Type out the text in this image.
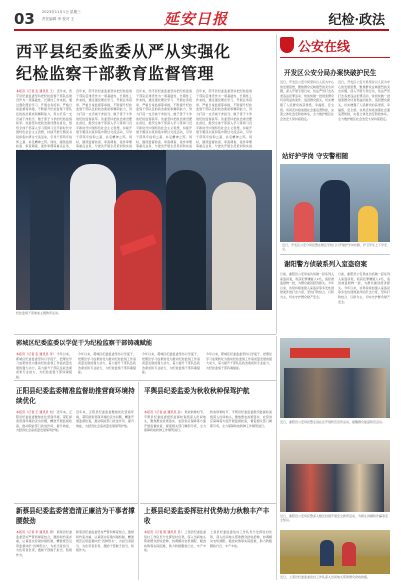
03 2023年11月1日 星期三
责任编辑 李 校对 王	延安日报	纪检·政法
西平县纪委监委从严从实强化
纪检监察干部教育监督管理
本报讯（记者 张 通讯员 王） 近年来，西平县纪委监委坚持把纪检监察干部队伍建设作为一项基础性、长期性工作来抓，通过强化理论学习、开展业务培训、严格日常监督等举措，不断提升纪检监察干部队伍的政治素质和履职能力，努力打造一支忠诚干净担当、敢于善于斗争的纪检监察铁军。该委坚持把政治建设摆在首位，组织全体干部深入学习贯彻习近平新时代中国特色社会主义思想，持续开展专题读书班和集中研讨交流活动，引导干部筑牢信仰之基、补足精神之钙。同时，围绕监督检查、审查调查、案件审理等重点业务，
近年来，西平县纪委监委坚持把纪检监察干部队伍建设作为一项基础性、长期性工作来抓，通过强化理论学习、开展业务培训、严格日常监督等举措，不断提升纪检监察干部队伍的政治素质和履职能力，努力打造一支忠诚干净担当、敢于善于斗争的纪检监察铁军。该委坚持把政治建设摆在首位，组织全体干部深入学习贯彻习近平新时代中国特色社会主义思想，持续开展专题读书班和集中研讨交流活动，引导干部筑牢信仰之基、补足精神之钙。同时，围绕监督检查、审查调查、案件审理等重点业务，分批次开展全员培训和实战
近年来，西平县纪委监委坚持把纪检监察干部队伍建设作为一项基础性、长期性工作来抓，通过强化理论学习、开展业务培训、严格日常监督等举措，不断提升纪检监察干部队伍的政治素质和履职能力，努力打造一支忠诚干净担当、敢于善于斗争的纪检监察铁军。该委坚持把政治建设摆在首位，组织全体干部深入学习贯彻习近平新时代中国特色社会主义思想，持续开展专题读书班和集中研讨交流活动，引导干部筑牢信仰之基、补足精神之钙。同时，围绕监督检查、审查调查、案件审理等重点业务，分批次开展全员培训和实战
近年来，西平县纪委监委坚持把纪检监察干部队伍建设作为一项基础性、长期性工作来抓，通过强化理论学习、开展业务培训、严格日常监督等举措，不断提升纪检监察干部队伍的政治素质和履职能力，努力打造一支忠诚干净担当、敢于善于斗争的纪检监察铁军。该委坚持把政治建设摆在首位，组织全体干部深入学习贯彻习近平新时代中国特色社会主义思想，持续开展专题读书班和集中研讨交流活动，引导干部筑牢信仰之基、补足精神之钙。同时，围绕监督检查、审查调查、案件审理等重点业务，分批次开展全员培训和实战
纪检监察干部参加主题教育活动。
公安在线
开发区公安分局办案快破护民生
近日，开发区公安分局坚持以人民为中心的发展思想，聚焦群众反映强烈的突出问题，深入开展专项行动，依法严厉打击各类违法犯罪活动，快侦快破一批侵害群众切身利益的案件，追回群众损失，切实增强了人民群众的获得感、幸福感、安全感。该局还持续加强社会面巡逻防控，完善立体化治安防控体系，全力维护辖区社会治安大局持续稳定。
近日，开发区公安分局坚持以人民为中心的发展思想，聚焦群众反映强烈的突出问题，深入开展专项行动，依法严厉打击各类违法犯罪活动，快侦快破一批侵害群众切身利益的案件，追回群众损失，切实增强了人民群众的获得感、幸福感、安全感。该局还持续加强社会面巡逻防控，完善立体化治安防控体系，全力维护辖区社会治安大局持续稳定。
站好护学岗 守安警相随
近日，开发区公安分局民警在辖区学校门口开展护学岗执勤，护卫学生上下学安全。
谢阳警方侦破系列入室盗窃案
日前，谢阳县公安局成功侦破一起系列入室盗窃案，抓获犯罪嫌疑人2名，追回被盗财物一批，为群众挽回经济损失。今年以来，该局持续加强入室盗窃等多发性侵财案件的打击力度，坚持打防结合、以防为主，切实守护群众财产安全。
日前，谢阳县公安局成功侦破一起系列入室盗窃案，抓获犯罪嫌疑人2名，追回被盗财物一批，为群众挽回经济损失。今年以来，该局持续加强入室盗窃等多发性侵财案件的打击力度，坚持打防结合、以防为主，切实守护群众财产安全。
郭城区纪委监委以学促干为纪检监察干部铸魂赋能
本报讯（记者 张 通讯员 李） 今年以来，郭城区纪委监委坚持以学促干，把理论学习成果转化为推动纪检监察工作高质量发展的强大动力，着力提升干部队伍政治素质和专业能力，为纪检监察干部铸魂赋能。
今年以来，郭城区纪委监委坚持以学促干，把理论学习成果转化为推动纪检监察工作高质量发展的强大动力，着力提升干部队伍政治素质和专业能力，为纪检监察干部铸魂赋能。
今年以来，郭城区纪委监委坚持以学促干，把理论学习成果转化为推动纪检监察工作高质量发展的强大动力，着力提升干部队伍政治素质和专业能力，为纪检监察干部铸魂赋能。
今年以来，郭城区纪委监委坚持以学促干，把理论学习成果转化为推动纪检监察工作高质量发展的强大动力，着力提升干部队伍政治素质和专业能力，为纪检监察干部铸魂赋能。
正阳县纪委监委精准监督助推营商环境持续优化
本报讯（记者 王 通讯员 刘） 近年来，正阳县纪委监委聚焦优化营商环境，紧盯损害营商环境的突出问题，精准开展监督检查，推动职能部门改进作风、提升效能，为经济社会高质量发展保驾护航。
近年来，正阳县纪委监委聚焦优化营商环境，紧盯损害营商环境的突出问题，精准开展监督检查，推动职能部门改进作风、提升效能，为经济社会高质量发展保驾护航。
平舆县纪委监委为秋收秋种保驾护航
本报讯（记者 赵 通讯员 孙） 秋收秋种时节，平舆县纪委监委组织监督检查组深入田间地头，聚焦惠农政策落实、农资供应保障等方面开展监督检查，督促相关部门履职尽责，全力保障秋收秋种工作顺利进行。
秋收秋种时节，平舆县纪委监委组织监督检查组深入田间地头，聚焦惠农政策落实、农资供应保障等方面开展监督检查，督促相关部门履职尽责，全力保障秋收秋种工作顺利进行。
新蔡县纪委监委营造清正廉洁为干事者撑腰鼓劲
本报讯（记者 李 通讯员 周） 新蔡县纪委监委坚持严管和厚爱结合，激励和约束并重，认真落实容错纠错机制，精准规范运用监督执纪“四种形态”，为担当者担当、为负责者负责，激励干部敢于担当、积极作为。
新蔡县纪委监委坚持严管和厚爱结合，激励和约束并重，认真落实容错纠错机制，精准规范运用监督执纪“四种形态”，为担当者担当、为负责者负责，激励干部敢于担当、积极作为。
上蔡县纪委监委挥驻村优势助力秋粮丰产丰收
本报讯（记者 陈 通讯员 吴） 上蔡县纪委监委驻村工作队充分发挥驻村优势，深入田间地头帮助群众抢收抢种，协调解决农机调配、粮食收购等实际困难，助力秋粮颗粒归仓、丰产丰收。
上蔡县纪委监委驻村工作队充分发挥驻村优势，深入田间地头帮助群众抢收抢种，协调解决农机调配、粮食收购等实际困难，助力秋粮颗粒归仓、丰产丰收。
近日，谢阳县公安局民警走进社区开展防范宣传活动，提醒群众提高防范意识。
近日，谢阳县公安局民警深入辖区校园开展安全教育活动，为师生讲解防诈骗等安全知识。
近日，上蔡县纪委监委驻村工作队深入田间地头帮助群众抢收秋粮。
